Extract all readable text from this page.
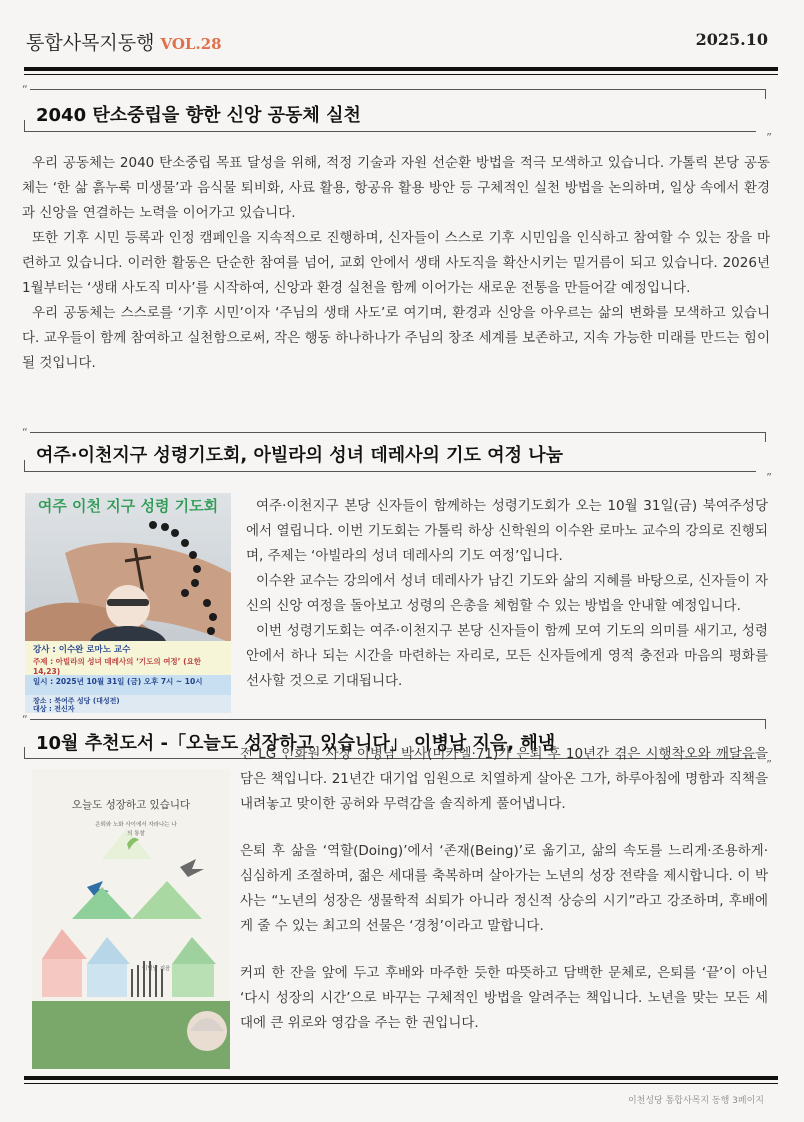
통합사목지동행 VOL.28	2025.10
“
”
2040 탄소중립을 향한 신앙 공동체 실천

우리 공동체는 2040 탄소중립 목표 달성을 위해, 적정 기술과 자원 선순환 방법을 적극 모색하고 있습니다. 가톨릭 본당 공동체는 ‘한 삶 흙누룩 미생물’과 음식물 퇴비화, 사료 활용, 항공유 활용 방안 등 구체적인 실천 방법을 논의하며, 일상 속에서 환경과 신앙을 연결하는 노력을 이어가고 있습니다.

또한 기후 시민 등록과 인정 캠페인을 지속적으로 진행하며, 신자들이 스스로 기후 시민임을 인식하고 참여할 수 있는 장을 마련하고 있습니다. 이러한 활동은 단순한 참여를 넘어, 교회 안에서 생태 사도직을 확산시키는 밑거름이 되고 있습니다. 2026년 1월부터는 ‘생태 사도직 미사’를 시작하여, 신앙과 환경 실천을 함께 이어가는 새로운 전통을 만들어갈 예정입니다.

우리 공동체는 스스로를 ‘기후 시민’이자 ‘주님의 생태 사도’로 여기며, 환경과 신앙을 아우르는 삶의 변화를 모색하고 있습니다. 교우들이 함께 참여하고 실천함으로써, 작은 행동 하나하나가 주님의 창조 세계를 보존하고, 지속 가능한 미래를 만드는 힘이 될 것입니다.

“
”
여주·이천지구 성령기도회, 아빌라의 성녀 데레사의 기도 여정 나눔
여주 이천 지구 성령 기도회
강사 : 이수완 로마노 교수
주제 : 아빌라의 성녀 데레사의 ‘기도의 여정’ (요한 14,23)
일시 : 2025년 10월 31일 (금) 오후 7시 ~ 10시
장소 : 북여주 성당 (대성전)
대상 : 전신자

여주·이천지구 본당 신자들이 함께하는 성령기도회가 오는 10월 31일(금) 북여주성당에서 열립니다. 이번 기도회는 가톨릭 하상 신학원의 이수완 로마노 교수의 강의로 진행되며, 주제는 ‘아빌라의 성녀 데레사의 기도 여정’입니다.

이수완 교수는 강의에서 성녀 데레사가 남긴 기도와 삶의 지혜를 바탕으로, 신자들이 자신의 신앙 여정을 돌아보고 성령의 은총을 체험할 수 있는 방법을 안내할 예정입니다.

이번 성령기도회는 여주·이천지구 본당 신자들이 함께 모여 기도의 의미를 새기고, 성령 안에서 하나 되는 시간을 마련하는 자리로, 모든 신자들에게 영적 충전과 마음의 평화를 선사할 것으로 기대됩니다.

“
”
10월 추천도서 -「오늘도 성장하고 있습니다」 이병남 지음, 해냄
오늘도 성장하고 있습니다
은퇴와 노화 사이에서 자라나는 나의 통찰
이병남 지음

전 LG 인화원 사장 이병남 박사(미카엘·71)가 은퇴 후 10년간 겪은 시행착오와 깨달음을 담은 책입니다. 21년간 대기업 임원으로 치열하게 살아온 그가, 하루아침에 명함과 직책을 내려놓고 맞이한 공허와 무력감을 솔직하게 풀어냅니다.

은퇴 후 삶을 ‘역할(Doing)’에서 ‘존재(Being)’로 옮기고, 삶의 속도를 느리게·조용하게·심심하게 조절하며, 젊은 세대를 축복하며 살아가는 노년의 성장 전략을 제시합니다. 이 박사는 “노년의 성장은 생물학적 쇠퇴가 아니라 정신적 상승의 시기”라고 강조하며, 후배에게 줄 수 있는 최고의 선물은 ‘경청’이라고 말합니다.

커피 한 잔을 앞에 두고 후배와 마주한 듯한 따뜻하고 담백한 문체로, 은퇴를 ‘끝’이 아닌 ‘다시 성장의 시간’으로 바꾸는 구체적인 방법을 알려주는 책입니다. 노년을 맞는 모든 세대에 큰 위로와 영감을 주는 한 권입니다.

이천성당 통합사목지 동행 3페이지
